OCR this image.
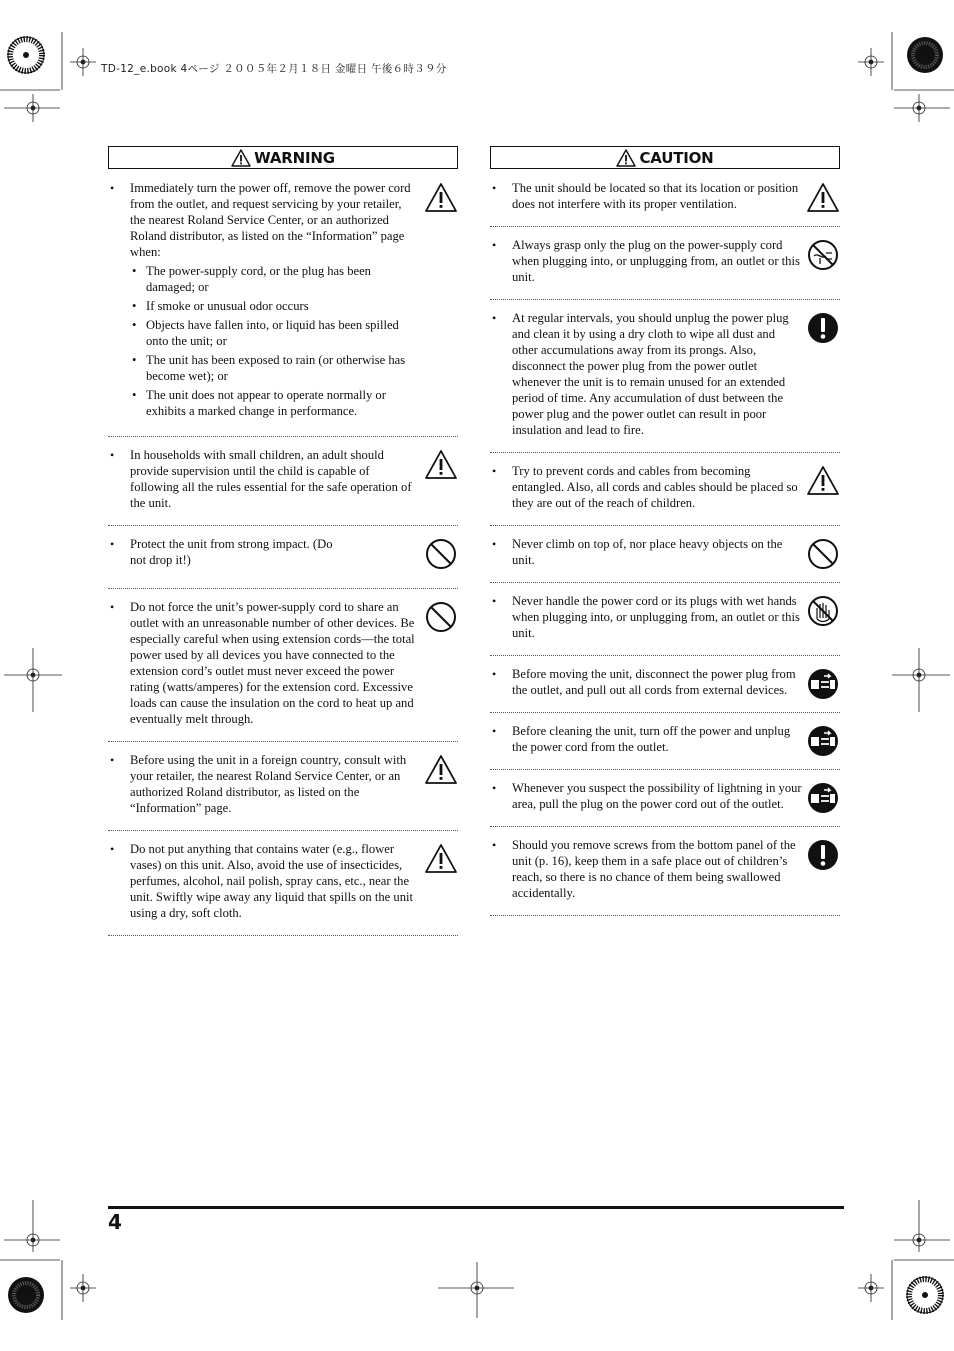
TD-12_e.book 4ページ ２００５年２月１８日 金曜日 午後６時３９分
WARNING
• Immediately turn the power off, remove the power cord from the outlet, and request servicing by your retailer, the nearest Roland Service Center, or an authorized Roland distributor, as listed on the “Information” page when:
• The power-supply cord, or the plug has been damaged; or
• If smoke or unusual odor occurs
• Objects have fallen into, or liquid has been spilled onto the unit; or
• The unit has been exposed to rain (or otherwise has become wet); or
• The unit does not appear to operate normally or exhibits a marked change in performance.
• In households with small children, an adult should provide supervision until the child is capable of following all the rules essential for the safe operation of the unit.
• Protect the unit from strong impact. (Do not drop it!)
• Do not force the unit’s power-supply cord to share an outlet with an unreasonable number of other devices. Be especially careful when using extension cords—the total power used by all devices you have connected to the extension cord’s outlet must never exceed the power rating (watts/amperes) for the extension cord. Excessive loads can cause the insulation on the cord to heat up and eventually melt through.
• Before using the unit in a foreign country, consult with your retailer, the nearest Roland Service Center, or an authorized Roland distributor, as listed on the “Information” page.
• Do not put anything that contains water (e.g., flower vases) on this unit. Also, avoid the use of insecticides, perfumes, alcohol, nail polish, spray cans, etc., near the unit. Swiftly wipe away any liquid that spills on the unit using a dry, soft cloth.
CAUTION
• The unit should be located so that its location or position does not interfere with its proper ventilation.
• Always grasp only the plug on the power-supply cord when plugging into, or unplugging from, an outlet or this unit.
• At regular intervals, you should unplug the power plug and clean it by using a dry cloth to wipe all dust and other accumulations away from its prongs. Also, disconnect the power plug from the power outlet whenever the unit is to remain unused for an extended period of time. Any accumulation of dust between the power plug and the power outlet can result in poor insulation and lead to fire.
• Try to prevent cords and cables from becoming entangled. Also, all cords and cables should be placed so they are out of the reach of children.
• Never climb on top of, nor place heavy objects on the unit.
• Never handle the power cord or its plugs with wet hands when plugging into, or unplugging from, an outlet or this unit.
• Before moving the unit, disconnect the power plug from the outlet, and pull out all cords from external devices.
• Before cleaning the unit, turn off the power and unplug the power cord from the outlet.
• Whenever you suspect the possibility of lightning in your area, pull the plug on the power cord out of the outlet.
• Should you remove screws from the bottom panel of the unit (p. 16), keep them in a safe place out of children’s reach, so there is no chance of them being swallowed accidentally.
4
